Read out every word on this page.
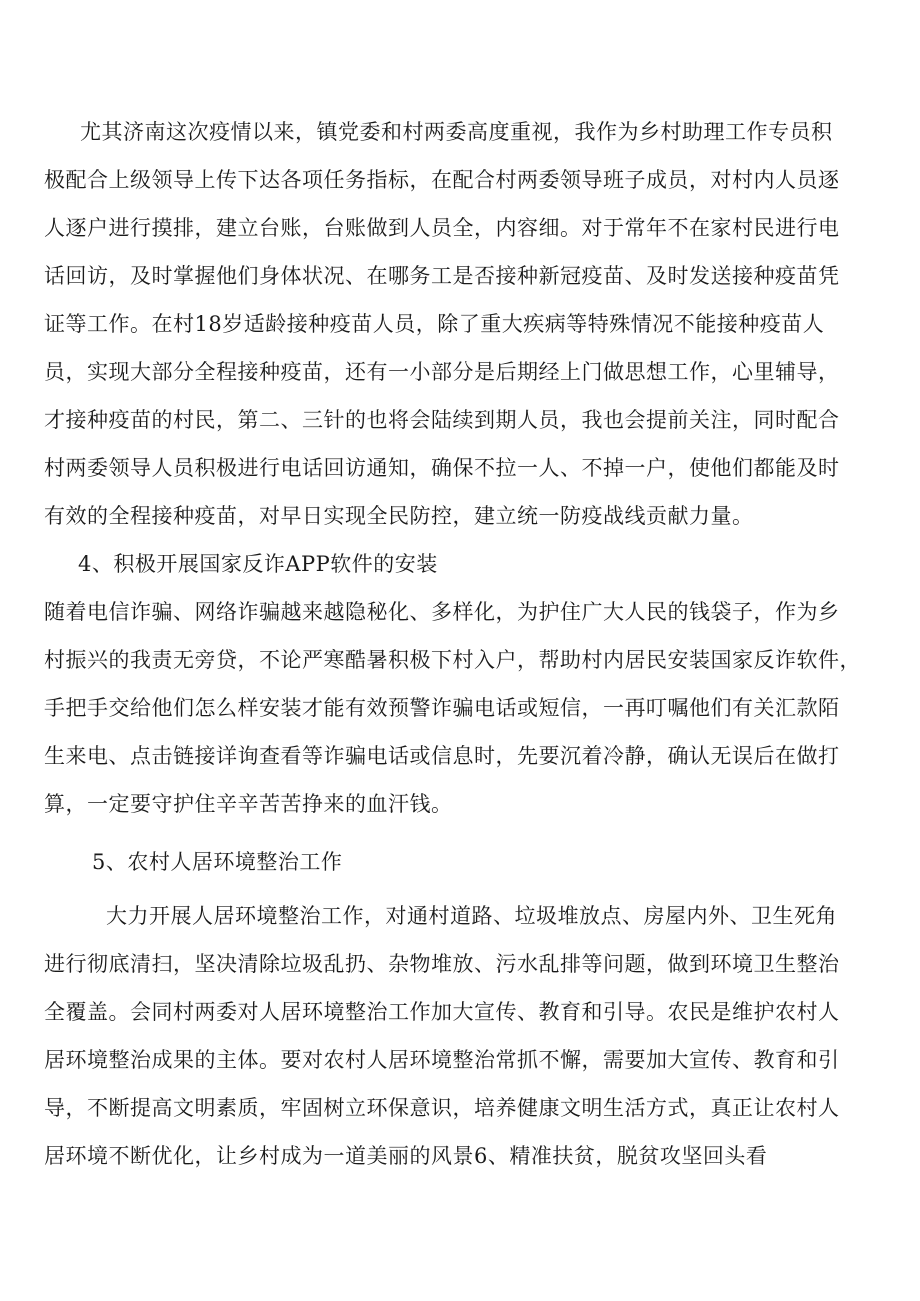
尤其济南这次疫情以来，镇党委和村两委高度重视，我作为乡村助理工作专员积
极配合上级领导上传下达各项任务指标，在配合村两委领导班子成员，对村内人员逐
人逐户进行摸排，建立台账，台账做到人员全，内容细。对于常年不在家村民进行电
话回访，及时掌握他们身体状况、在哪务工是否接种新冠疫苗、及时发送接种疫苗凭
证等工作。在村18岁适龄接种疫苗人员，除了重大疾病等特殊情况不能接种疫苗人
员，实现大部分全程接种疫苗，还有一小部分是后期经上门做思想工作，心里辅导，
才接种疫苗的村民，第二、三针的也将会陆续到期人员，我也会提前关注，同时配合
村两委领导人员积极进行电话回访通知，确保不拉一人、不掉一户，使他们都能及时
有效的全程接种疫苗，对早日实现全民防控，建立统一防疫战线贡献力量。
4、积极开展国家反诈APP软件的安装
随着电信诈骗、网络诈骗越来越隐秘化、多样化，为护住广大人民的钱袋子，作为乡
村振兴的我责无旁贷，不论严寒酷暑积极下村入户，帮助村内居民安装国家反诈软件，
手把手交给他们怎么样安装才能有效预警诈骗电话或短信，一再叮嘱他们有关汇款陌
生来电、点击链接详询查看等诈骗电话或信息时，先要沉着冷静，确认无误后在做打
算，一定要守护住辛辛苦苦挣来的血汗钱。
5、农村人居环境整治工作
大力开展人居环境整治工作，对通村道路、垃圾堆放点、房屋内外、卫生死角
进行彻底清扫，坚决清除垃圾乱扔、杂物堆放、污水乱排等问题，做到环境卫生整治
全覆盖。会同村两委对人居环境整治工作加大宣传、教育和引导。农民是维护农村人
居环境整治成果的主体。要对农村人居环境整治常抓不懈，需要加大宣传、教育和引
导，不断提高文明素质，牢固树立环保意识，培养健康文明生活方式，真正让农村人
居环境不断优化，让乡村成为一道美丽的风景6、精准扶贫，脱贫攻坚回头看
